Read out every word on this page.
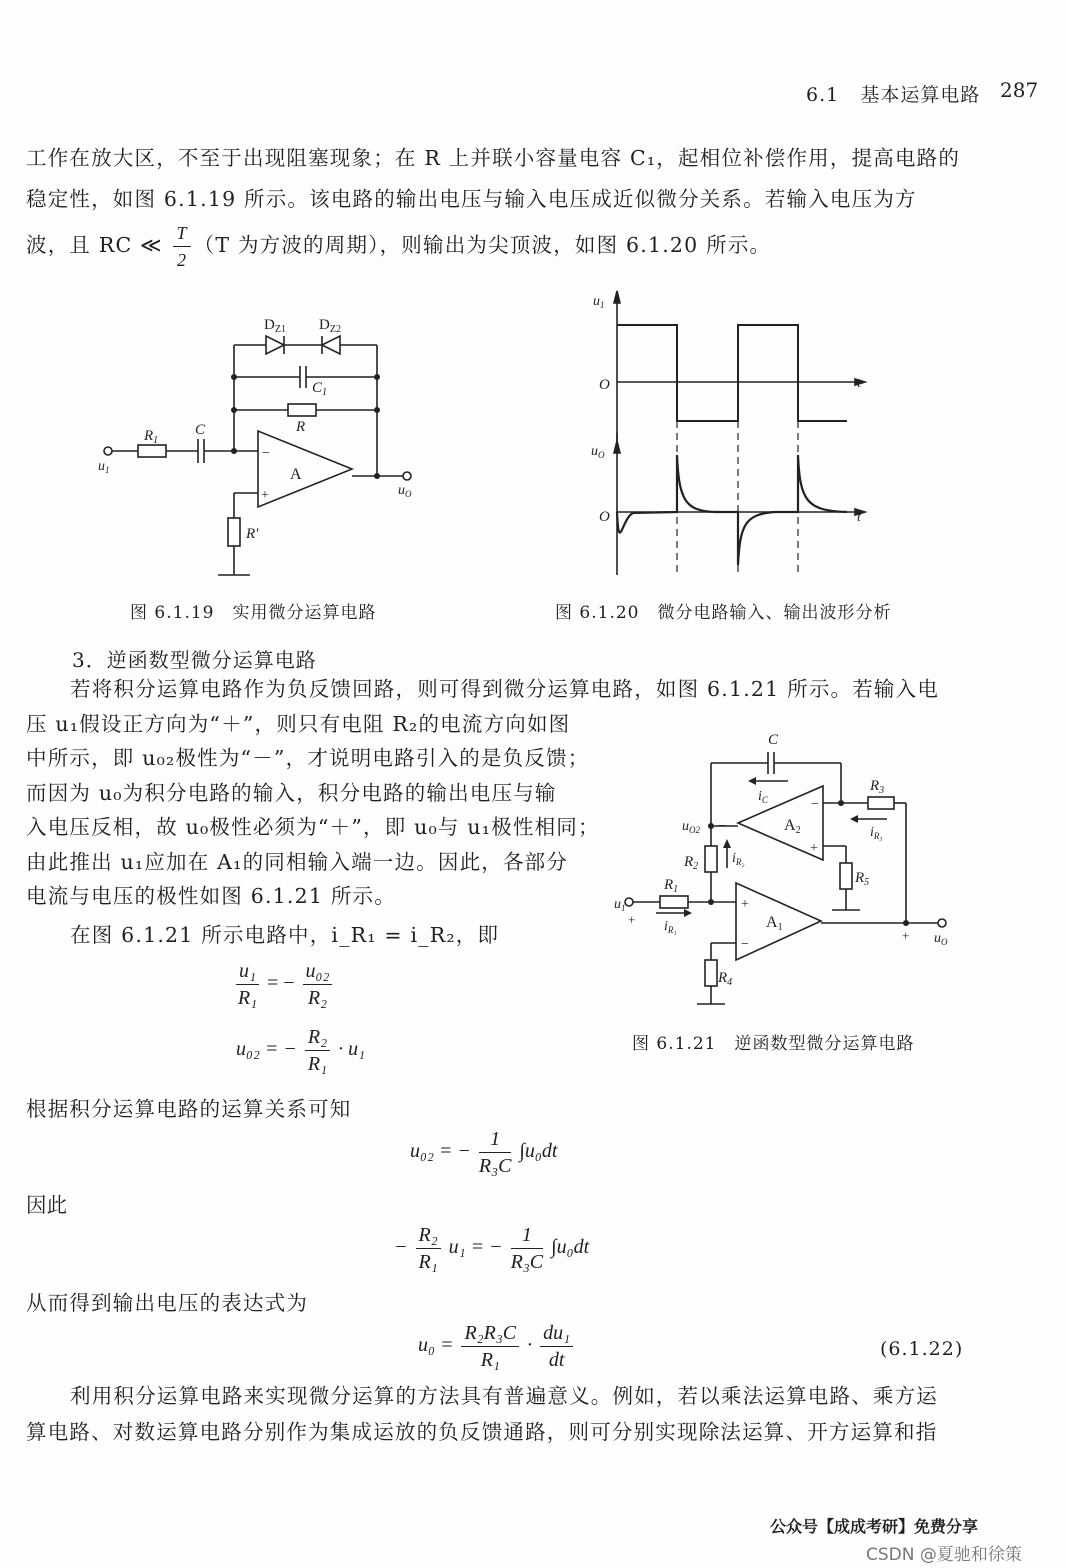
6.1 基本运算电路 287

工作在放大区，不至于出现阻塞现象；在 R 上并联小容量电容 C₁，起相位补偿作用，提高电路的

稳定性，如图 6.1.19 所示。该电路的输出电压与输入电压成近似微分关系。若输入电压为方

波，且 RC ≪ $\frac{T}{2} (T$ 为方波的周期），则输出为尖顶波，如图 6.1.20 所示。

$D_{Z1}$ $D_{Z2}$
$C_1$
R
$R_1$
C
A
−
+
R′
$u_1$
$u_O$
图 6.1.19　实用微分运算电路
$u_1$
O	t
$u_O$
O	t
图 6.1.20　微分电路输入、输出波形分析
3．逆函数型微分运算电路
若将积分运算电路作为负反馈回路，则可得到微分运算电路，如图 6.1.21 所示。若输入电
压 u₁假设正方向为“＋”，则只有电阻 R₂的电流方向如图
中所示，即 u₀₂极性为“－”，才说明电路引入的是负反馈；
而因为 u₀为积分电路的输入，积分电路的输出电压与输
入电压反相，故 u₀极性必须为“＋”，即 u₀与 u₁极性相同；
由此推出 u₁应加在 A₁的同相输入端一边。因此，各部分
电流与电压的极性如图 6.1.21 所示。
在图 6.1.21 所示电路中，i_R₁ = i_R₂，即
C
$i_C$
$R_3$
$i_{R_3}$
A2
−
+
$u_{O2}$ −
$R_2$
$i_{R_2}$
$R_5$
$R_1$
$i_{R_1}$	A1
+
−
$u_1$
+
$u_O$
+
$R_4$
图 6.1.21　逆函数型微分运算电路
$\frac{\text{u₁}}{\text{R₁}}$ = − $\frac{\text{u₀₂}}{\text{R₂}}$
u₀₂ = − $\frac{\text{R₂}}{\text{R₁}} \cdot u_1$
根据积分运算电路的运算关系可知
u₀₂ = − $\frac{1}{\text{R₃C}} \int u_0dt$
因此
− $\frac{\text{R₂}}{\text{R₁}} u_1$ = − $\frac{1}{\text{R₃C}} \int u_0dt$
从而得到输出电压的表达式为
$u_0 = \frac{\text{R₂R₃C}}{\text{R₁}} \cdot \frac{\text{du₁}}{dt}$	(6.1.22)

利用积分运算电路来实现微分运算的方法具有普遍意义。例如，若以乘法运算电路、乘方运

算电路、对数运算电路分别作为集成运放的负反馈通路，则可分别实现除法运算、开方运算和指

公众号【成成考研】免费分享
CSDN @夏驰和徐策
